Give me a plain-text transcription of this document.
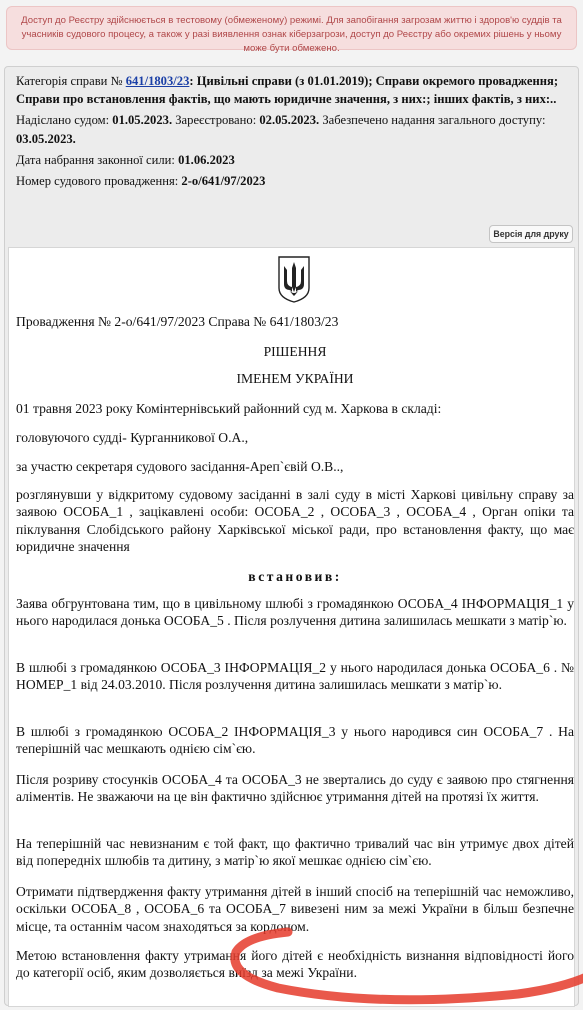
Доступ до Реєстру здійснюється в тестовому (обмеженому) режимі. Для запобігання загрозам життю і здоров'ю суддів та учасників судового процесу, а також у разі виявлення ознак кіберзагрози, доступ до Реєстру або окремих рішень у ньому може бути обмежено.

Категорія справи № 641/1803/23: Цивільні справи (з 01.01.2019); Справи окремого провадження; Справи про встановлення фактів, що мають юридичне значення, з них:; інших фактів, з них:..

Надіслано судом: 01.05.2023. Зареєстровано: 02.05.2023. Забезпечено надання загального доступу: 03.05.2023.

Дата набрання законної сили: 01.06.2023

Номер судового провадження: 2-о/641/97/2023

Версія для друку

Провадження № 2-о/641/97/2023 Справа № 641/1803/23

РІШЕННЯ

ІМЕНЕМ УКРАЇНИ

01 травня 2023 року Комінтернівський районний суд м. Харкова в складі:

головуючого судді- Курганникової О.А.,

за участю секретаря судового засідання-Ареп`євій О.В..,

розглянувши у відкритому судовому засіданні в залі суду в місті Харкові цивільну справу за заявою ОСОБА_1 , зацікавлені особи: ОСОБА_2 , ОСОБА_3 , ОСОБА_4 , Орган опіки та піклування Слобідського району Харківської міської ради, про встановлення факту, що має юридичне значення

встановив:

Заява обгрунтована тим, що в цивільному шлюбі з громадянкою ОСОБА_4 ІНФОРМАЦІЯ_1 у нього народилася донька ОСОБА_5 . Після розлучення дитина залишилась мешкати з матір`ю.

В шлюбі з громадянкою ОСОБА_3 ІНФОРМАЦІЯ_2 у нього народилася донька ОСОБА_6 . № НОМЕР_1 від 24.03.2010. Після розлучення дитина залишилась мешкати з матір`ю.

В шлюбі з громадянкою ОСОБА_2 ІНФОРМАЦІЯ_3 у нього народився син ОСОБА_7 . На теперішній час мешкають однією сім`єю.

Після розриву стосунків ОСОБА_4 та ОСОБА_3 не звертались до суду є заявою про стягнення аліментів. Не зважаючи на це він фактично здійснює утримання дітей на протязі їх життя.

На теперішній час невизнаним є той факт, що фактично тривалий час він утримує двох дітей від попередніх шлюбів та дитину, з матір`ю якої мешкає однією сім`єю.

Отримати підтвердження факту утримання дітей в інший спосіб на теперішній час неможливо, оскільки ОСОБА_8 , ОСОБА_6 та ОСОБА_7 вивезені ним за межі України в більш безпечне місце, та останнім часом знаходяться за кордоном.

Метою встановлення факту утримання його дітей є необхідність визнання відповідності його до категорії осіб, яким дозволяється виїзд за межі України.
